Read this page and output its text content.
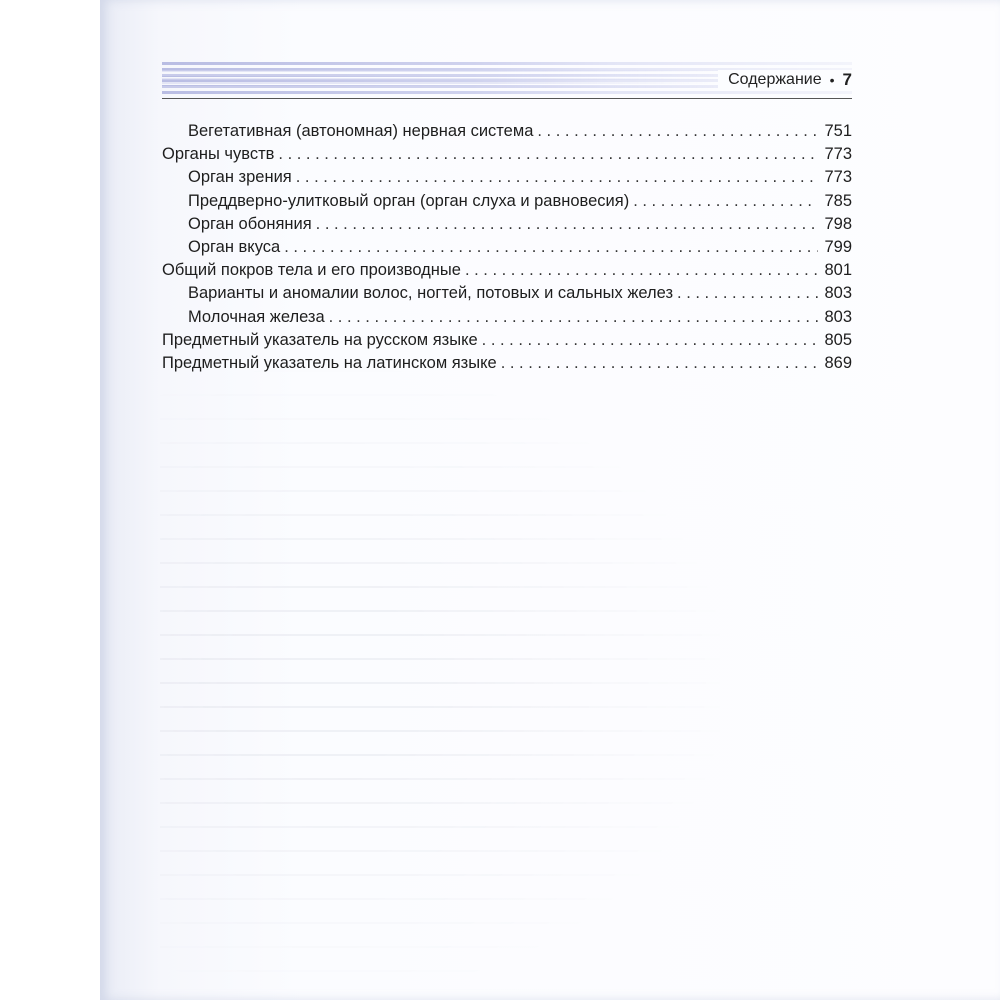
Содержание • 7
Вегетативная (автономная) нервная система . . .	751
Органы чувств . . .	773
Орган зрения . . .	773
Преддверно-улитковый орган (орган слуха и равновесия) . . .	785
Орган обоняния . . .	798
Орган вкуса . . .	799
Общий покров тела и его производные . . .	801
Варианты и аномалии волос, ногтей, потовых и сальных желез . . .	803
Молочная железа . . .	803
Предметный указатель на русском языке . . .	805
Предметный указатель на латинском языке . . .	869
